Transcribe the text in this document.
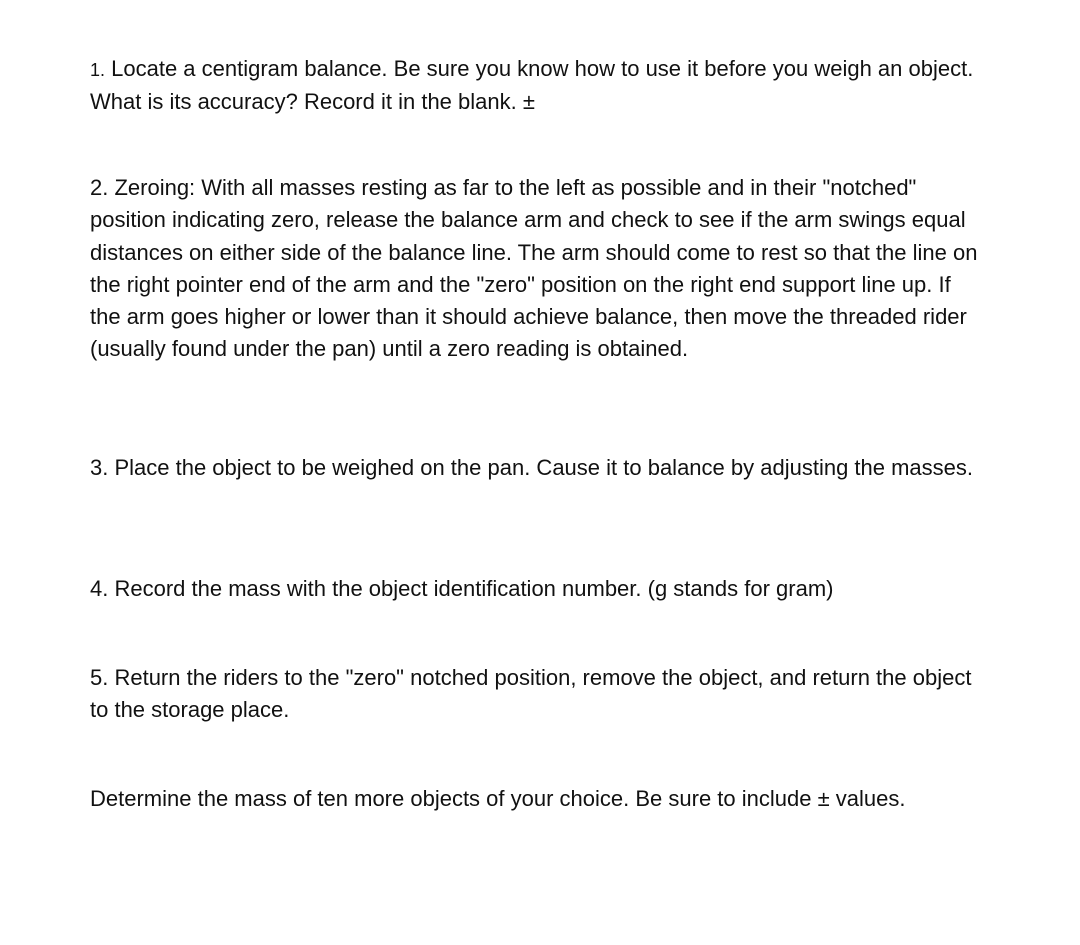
1. Locate a centigram balance. Be sure you know how to use it before you weigh an object. What is its accuracy? Record it in the blank. ±

2. Zeroing: With all masses resting as far to the left as possible and in their "notched" position indicating zero, release the balance arm and check to see if the arm swings equal distances on either side of the balance line. The arm should come to rest so that the line on the right pointer end of the arm and the "zero" position on the right end support line up. If the arm goes higher or lower than it should achieve balance, then move the threaded rider (usually found under the pan) until a zero reading is obtained.

3. Place the object to be weighed on the pan. Cause it to balance by adjusting the masses.

4. Record the mass with the object identification number. (g stands for gram)

5. Return the riders to the "zero" notched position, remove the object, and return the object to the storage place.

Determine the mass of ten more objects of your choice. Be sure to include ± values.
